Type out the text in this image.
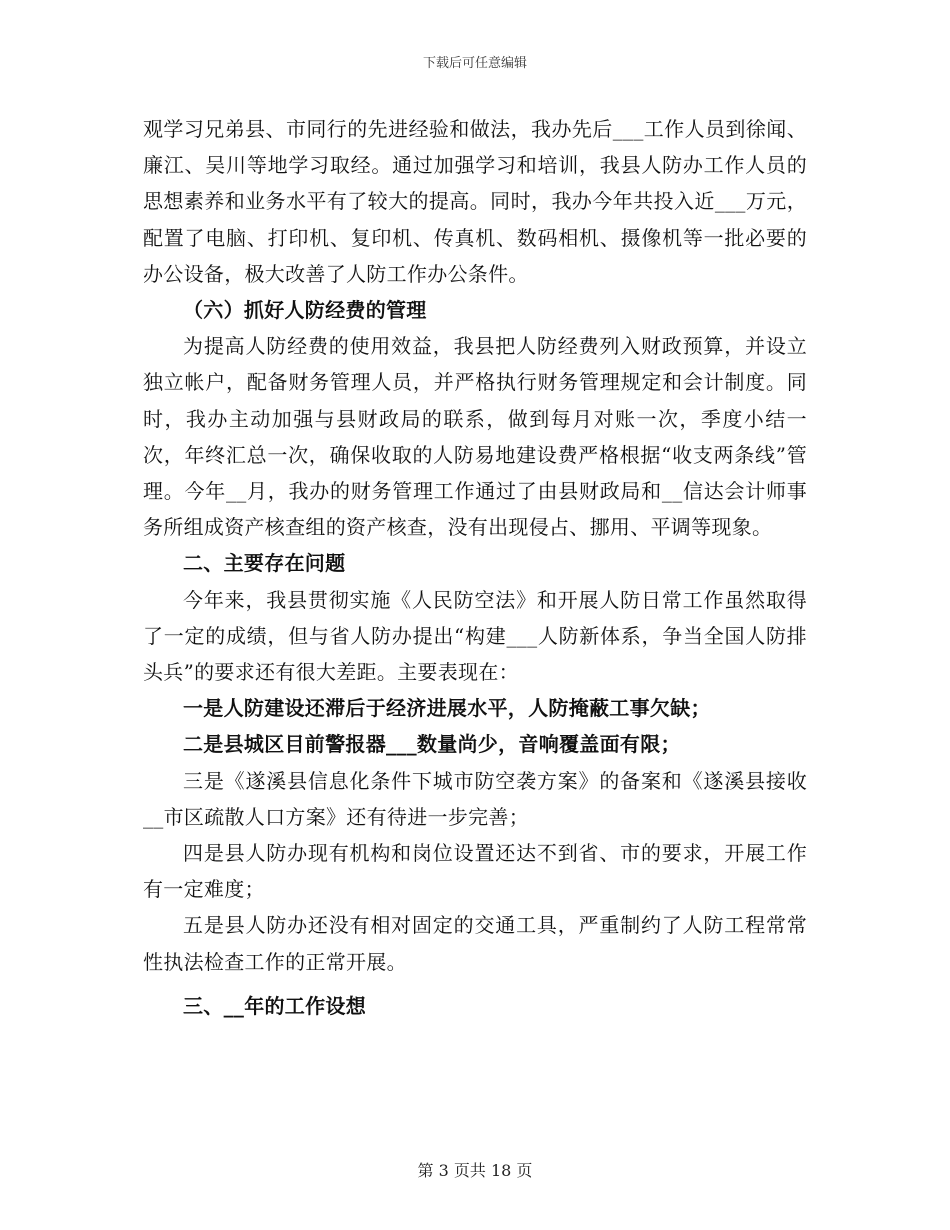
下载后可任意编辑

观学习兄弟县、市同行的先进经验和做法，我办先后___工作人员到徐闻、廉江、吴川等地学习取经。通过加强学习和培训，我县人防办工作人员的思想素养和业务水平有了较大的提高。同时，我办今年共投入近___万元，配置了电脑、打印机、复印机、传真机、数码相机、摄像机等一批必要的办公设备，极大改善了人防工作办公条件。

（六）抓好人防经费的管理

为提高人防经费的使用效益，我县把人防经费列入财政预算，并设立独立帐户，配备财务管理人员，并严格执行财务管理规定和会计制度。同时，我办主动加强与县财政局的联系，做到每月对账一次，季度小结一次，年终汇总一次，确保收取的人防易地建设费严格根据“收支两条线”管理。今年__月，我办的财务管理工作通过了由县财政局和__信达会计师事务所组成资产核查组的资产核查，没有出现侵占、挪用、平调等现象。

二、主要存在问题

今年来，我县贯彻实施《人民防空法》和开展人防日常工作虽然取得了一定的成绩，但与省人防办提出“构建___人防新体系，争当全国人防排头兵”的要求还有很大差距。主要表现在：

一是人防建设还滞后于经济进展水平，人防掩蔽工事欠缺；

二是县城区目前警报器___数量尚少，音响覆盖面有限；

三是《遂溪县信息化条件下城市防空袭方案》的备案和《遂溪县接收__市区疏散人口方案》还有待进一步完善；

四是县人防办现有机构和岗位设置还达不到省、市的要求，开展工作有一定难度；

五是县人防办还没有相对固定的交通工具，严重制约了人防工程常常性执法检查工作的正常开展。

三、__年的工作设想

第 3 页共 18 页
